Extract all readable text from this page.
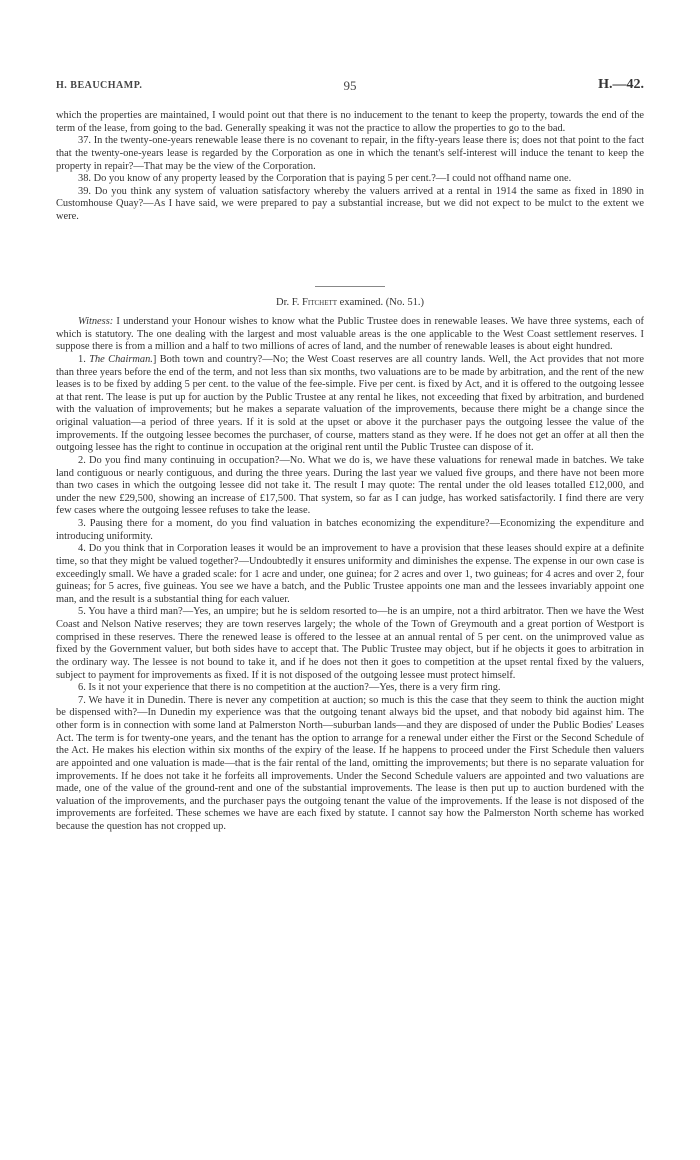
H. BEAUCHAMP.	95	H.—42.

which the properties are maintained, I would point out that there is no inducement to the tenant to keep the property, towards the end of the term of the lease, from going to the bad. Generally speaking it was not the practice to allow the properties to go to the bad.

37. In the twenty-one-years renewable lease there is no covenant to repair, in the fifty-years lease there is; does not that point to the fact that the twenty-one-years lease is regarded by the Corporation as one in which the tenant's self-interest will induce the tenant to keep the property in repair?—That may be the view of the Corporation.

38. Do you know of any property leased by the Corporation that is paying 5 per cent.?—I could not offhand name one.

39. Do you think any system of valuation satisfactory whereby the valuers arrived at a rental in 1914 the same as fixed in 1890 in Customhouse Quay?—As I have said, we were prepared to pay a substantial increase, but we did not expect to be mulct to the extent we were.

Dr. F. Fitchett examined. (No. 51.)

Witness: I understand your Honour wishes to know what the Public Trustee does in renewable leases. We have three systems, each of which is statutory. The one dealing with the largest and most valuable areas is the one applicable to the West Coast settlement reserves. I suppose there is from a million and a half to two millions of acres of land, and the number of renewable leases is about eight hundred.

1. The Chairman.] Both town and country?—No; the West Coast reserves are all country lands. Well, the Act provides that not more than three years before the end of the term, and not less than six months, two valuations are to be made by arbitration, and the rent of the new leases is to be fixed by adding 5 per cent. to the value of the fee-simple. Five per cent. is fixed by Act, and it is offered to the outgoing lessee at that rent. The lease is put up for auction by the Public Trustee at any rental he likes, not exceeding that fixed by arbitration, and burdened with the valuation of improvements; but he makes a separate valuation of the improvements, because there might be a change since the original valuation—a period of three years. If it is sold at the upset or above it the purchaser pays the outgoing lessee the value of the improvements. If the outgoing lessee becomes the purchaser, of course, matters stand as they were. If he does not get an offer at all then the outgoing lessee has the right to continue in occupation at the original rent until the Public Trustee can dispose of it.

2. Do you find many continuing in occupation?—No. What we do is, we have these valuations for renewal made in batches. We take land contiguous or nearly contiguous, and during the three years. During the last year we valued five groups, and there have not been more than two cases in which the outgoing lessee did not take it. The result I may quote: The rental under the old leases totalled £12,000, and under the new £29,500, showing an increase of £17,500. That system, so far as I can judge, has worked satisfactorily. I find there are very few cases where the outgoing lessee refuses to take the lease.

3. Pausing there for a moment, do you find valuation in batches economizing the expenditure?—Economizing the expenditure and introducing uniformity.

4. Do you think that in Corporation leases it would be an improvement to have a provision that these leases should expire at a definite time, so that they might be valued together?—Undoubtedly it ensures uniformity and diminishes the expense. The expense in our own case is exceedingly small. We have a graded scale: for 1 acre and under, one guinea; for 2 acres and over 1, two guineas; for 4 acres and over 2, four guineas; for 5 acres, five guineas. You see we have a batch, and the Public Trustee appoints one man and the lessees invariably appoint one man, and the result is a substantial thing for each valuer.

5. You have a third man?—Yes, an umpire; but he is seldom resorted to—he is an umpire, not a third arbitrator. Then we have the West Coast and Nelson Native reserves; they are town reserves largely; the whole of the Town of Greymouth and a great portion of Westport is comprised in these reserves. There the renewed lease is offered to the lessee at an annual rental of 5 per cent. on the unimproved value as fixed by the Government valuer, but both sides have to accept that. The Public Trustee may object, but if he objects it goes to arbitration in the ordinary way. The lessee is not bound to take it, and if he does not then it goes to competition at the upset rental fixed by the valuers, subject to payment for improvements as fixed. If it is not disposed of the outgoing lessee must protect himself.

6. Is it not your experience that there is no competition at the auction?—Yes, there is a very firm ring.

7. We have it in Dunedin. There is never any competition at auction; so much is this the case that they seem to think the auction might be dispensed with?—In Dunedin my experience was that the outgoing tenant always bid the upset, and that nobody bid against him. The other form is in connection with some land at Palmerston North—suburban lands—and they are disposed of under the Public Bodies' Leases Act. The term is for twenty-one years, and the tenant has the option to arrange for a renewal under either the First or the Second Schedule of the Act. He makes his election within six months of the expiry of the lease. If he happens to proceed under the First Schedule then valuers are appointed and one valuation is made—that is the fair rental of the land, omitting the improvements; but there is no separate valuation for improvements. If he does not take it he forfeits all improvements. Under the Second Schedule valuers are appointed and two valuations are made, one of the value of the ground-rent and one of the substantial improvements. The lease is then put up to auction burdened with the valuation of the improvements, and the purchaser pays the outgoing tenant the value of the improvements. If the lease is not disposed of the improvements are forfeited. These schemes we have are each fixed by statute. I cannot say how the Palmerston North scheme has worked because the question has not cropped up.
